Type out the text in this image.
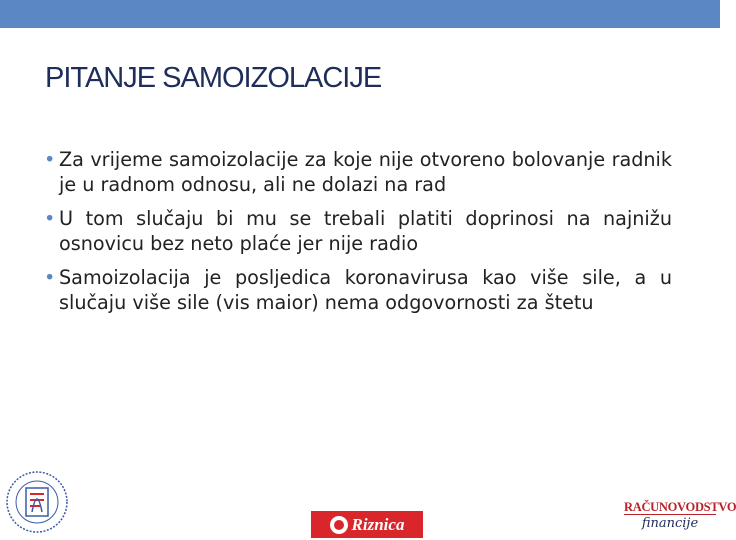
PITANJE SAMOIZOLACIJE
• Za vrijeme samoizolacije za koje nije otvoreno bolovanje radnik je u radnom odnosu, ali ne dolazi na rad
• U tom slučaju bi mu se trebali platiti doprinosi na najnižu osnovicu bez neto plaće jer nije radio
• Samoizolacija je posljedica koronavirusa kao više sile, a u slučaju više sile (vis maior) nema odgovornosti za štetu
Riznica
RAČUNOVODSTVO
financije
